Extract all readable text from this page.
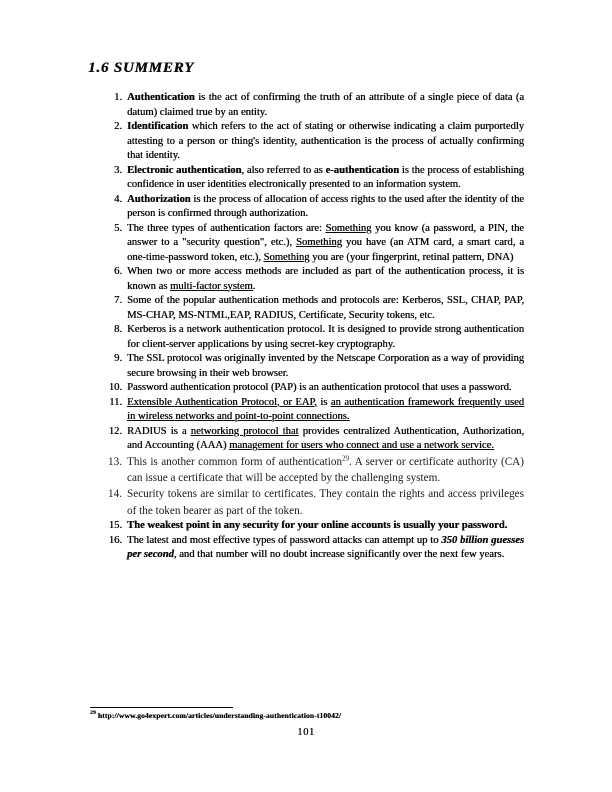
1.6 SUMMERY
1. Authentication is the act of confirming the truth of an attribute of a single piece of data (a datum) claimed true by an entity.
2. Identification which refers to the act of stating or otherwise indicating a claim purportedly attesting to a person or thing's identity, authentication is the process of actually confirming that identity.
3. Electronic authentication, also referred to as e-authentication is the process of establishing confidence in user identities electronically presented to an information system.
4. Authorization is the process of allocation of access rights to the used after the identity of the person is confirmed through authorization.
5. The three types of authentication factors are: Something you know (a password, a PIN, the answer to a "security question", etc.), Something you have (an ATM card, a smart card, a one-time-password token, etc.), Something you are (your fingerprint, retinal pattern, DNA)
6. When two or more access methods are included as part of the authentication process, it is known as multi-factor system.
7. Some of the popular authentication methods and protocols are: Kerberos, SSL, CHAP, PAP, MS-CHAP, MS-NTML,EAP, RADIUS, Certificate, Security tokens, etc.
8. Kerberos is a network authentication protocol. It is designed to provide strong authentication for client-server applications by using secret-key cryptography.
9. The SSL protocol was originally invented by the Netscape Corporation as a way of providing secure browsing in their web browser.
10. Password authentication protocol (PAP) is an authentication protocol that uses a password.
11. Extensible Authentication Protocol, or EAP, is an authentication framework frequently used in wireless networks and point-to-point connections.
12. RADIUS is a networking protocol that provides centralized Authentication, Authorization, and Accounting (AAA) management for users who connect and use a network service.
13. This is another common form of authentication$^{29}$. A server or certificate authority (CA) can issue a certificate that will be accepted by the challenging system.
14. Security tokens are similar to certificates. They contain the rights and access privileges of the token bearer as part of the token.
15. The weakest point in any security for your online accounts is usually your password.
16. The latest and most effective types of password attacks can attempt up to 350 billion guesses per second, and that number will no doubt increase significantly over the next few years.
$^{29}$ http://www.go4expert.com/articles/understanding-authentication-t10042/
101
